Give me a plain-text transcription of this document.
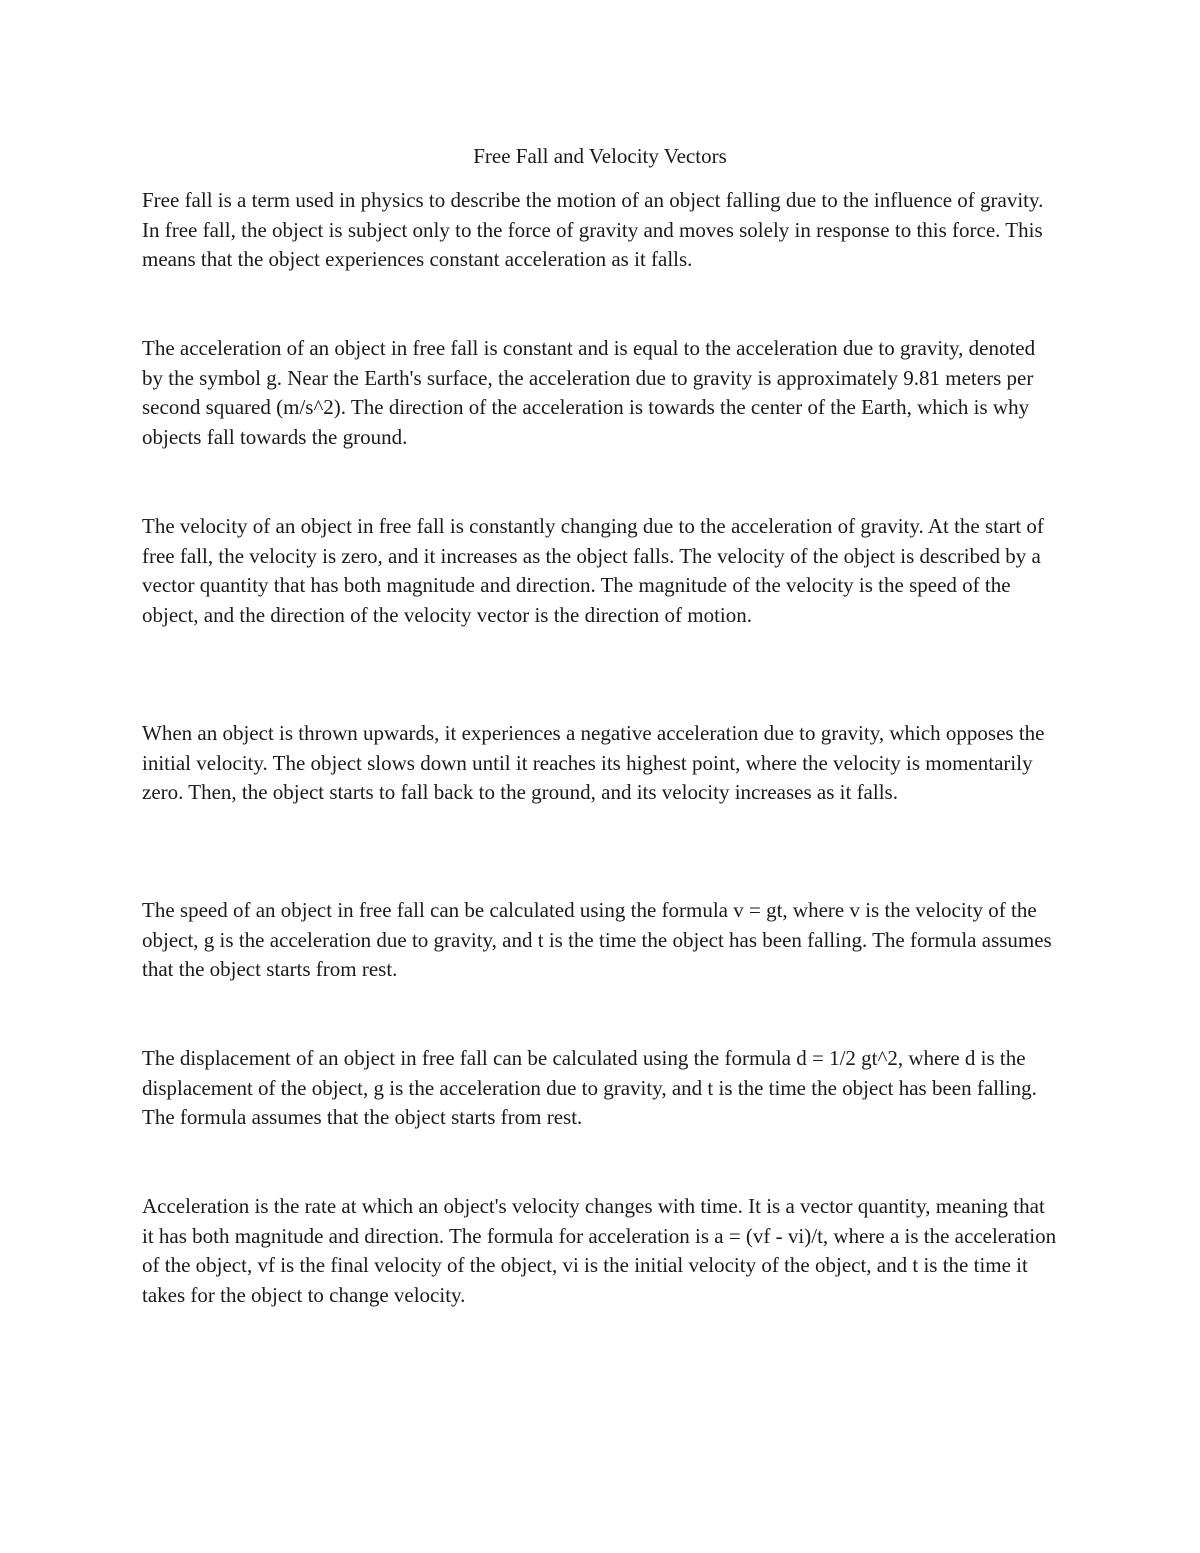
Free Fall and Velocity Vectors

Free fall is a term used in physics to describe the motion of an object falling due to the influence of gravity. In free fall, the object is subject only to the force of gravity and moves solely in response to this force. This means that the object experiences constant acceleration as it falls.

The acceleration of an object in free fall is constant and is equal to the acceleration due to gravity, denoted by the symbol g. Near the Earth's surface, the acceleration due to gravity is approximately 9.81 meters per second squared (m/s^2). The direction of the acceleration is towards the center of the Earth, which is why objects fall towards the ground.

The velocity of an object in free fall is constantly changing due to the acceleration of gravity. At the start of free fall, the velocity is zero, and it increases as the object falls. The velocity of the object is described by a vector quantity that has both magnitude and direction. The magnitude of the velocity is the speed of the object, and the direction of the velocity vector is the direction of motion.

When an object is thrown upwards, it experiences a negative acceleration due to gravity, which opposes the initial velocity. The object slows down until it reaches its highest point, where the velocity is momentarily zero. Then, the object starts to fall back to the ground, and its velocity increases as it falls.

The speed of an object in free fall can be calculated using the formula v = gt, where v is the velocity of the object, g is the acceleration due to gravity, and t is the time the object has been falling. The formula assumes that the object starts from rest.

The displacement of an object in free fall can be calculated using the formula d = 1/2 gt^2, where d is the displacement of the object, g is the acceleration due to gravity, and t is the time the object has been falling. The formula assumes that the object starts from rest.

Acceleration is the rate at which an object's velocity changes with time. It is a vector quantity, meaning that it has both magnitude and direction. The formula for acceleration is a = (vf - vi)/t, where a is the acceleration of the object, vf is the final velocity of the object, vi is the initial velocity of the object, and t is the time it takes for the object to change velocity.
